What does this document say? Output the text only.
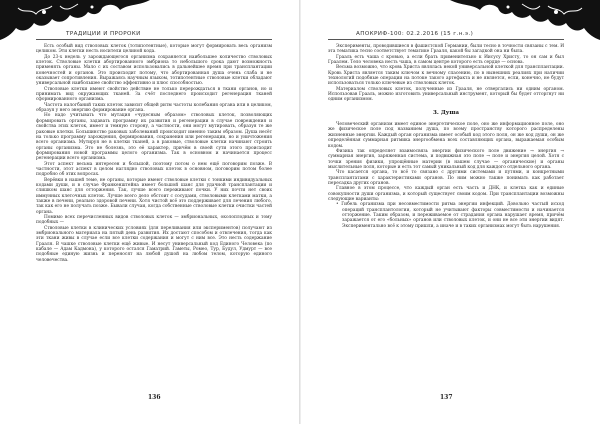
ТРАДИЦИИ И ПРОРОКИ

Есть особый вид стволовых клеток (тотипотентные), которые могут формировать весь организм целиком. Эти клетки несть носители целиной кода.

До 23-х недель у зарождающегося организма сохраняется наибольшее количество стволовых клеток. Стволовые клетки абортированного эмбриона то небольшого срока дают возможность применять органы. Мало с их составом использовались в дальнейшее время при трансплантации конечностей и органов. Это происходит потому, что абортированная душа очень слаба и не оказывает сопротивления. Выражаясь научным языком, тотипотентные стволовые клетки обладают универсальной наибольшее свойство эффективно и плюс способностью.

Стволовые клетки имеют свойство действие не только перерождаться в ткани органов, но и принимать вид окружающих тканей. За счёт последнего происходит регенерация тканей сформированного организма.

Частота налогбаний таких клеток зависит общей ритм частоты колебания органа или в целиком, образуя у него энергию формирование органа.

Но надо учитывать что мутация «чудесным образом» стволовых клеток, позволяющих формировать органы, задавать программу их развития и регенерации в случае повреждения и свойства этих клеток, имеет и темную сторону, а частности, они могут мутировать, образуя те же раковые клетки. Большинство раковых заболеваний происходит именно таким образом. Душа несёт на только программу зарождения, формирования, сохранения или регенерации, но и уничтожения всего организма. Мутируя не в клетки тканей, а в раковые, стволовые клетки начинают строить органы организма. Это не болезнь, это её характер, причём в своей сути этого происходит формирования новой программы целого организма. Так в основном и начинается процесс регенерации всего организма.

Этот аспект весьма интересен и большой, поэтому потом о нем ещё поговорим позже. В частности, этот аспект в целом наглядно стволовых клеток в основном, поговорим потом более подробно об этих вопросах.

Верёвки в нашей теме, не органы, которые имеют стволовые клетки с тонкими индивидуальных кодами души, и в случае Франкенштейна имеет большой шанс для удачной трансплантации и слишком шанс для отторжения. Так, лучше всего переживают почки. У них почти нет своих иммунных клеточных клеток. Лучше всего дело обстоит с сосудами, стволовыми клетками матки, а также в печени, реально здоровой печени. Хотя чистой всё это поддерживает для лечения любого, так как его не получать позже. Бывали случаи, когда собственные стволовые клетки очистки частей органа.

Помимо всех перечисленных видов стволовых клеток — эмбриональных, околоплодных и тому подобных —

Стволовые клетки в клинических условиях (для переливания или экспериментов) получают из эмбрионального материала на пятый день развития. Их достают способом и отвлечения, тогда как эти ткани живы в случае если все клетки содержания и могут с ним все. Это несть содержание Грааля. В чашке стволовые клетки ещё живые. И несут универсальный код Единого Человека (по кабале — Адам Кадмона), у которого остался Гаматрий. Гаметы, Ромео, Тур, Будул, Удмурт — все подобные единую жизнь и переносят на любой душой на любом телом, которую единого человечества.

136
АПОКРИФ-100: 02.2.2016 (15 г.н.э.)

Эксперименты, проводившиеся в фашистской Германии, были тесно в точности связаны с тем. И эта тематика тесно соответствует тематике Грааля, какой бы загадкой она ни была.

Грааль есть чаша с кровью, а если брать применительно к Иисусу Христу, то он сам и был Граалем. Тело человека несть чаша, в самом центре которого есть сердце — основа.

Весьма возможно, что кровь Христа являлась некой универсальной клеткой для трансплантации. Кровь Христа является таким ключом к вечному спасению, по в нынешних реалиях при наличии технологий подобные операции на потоке такого артефакта и не является, если, конечно, не будут использоваться только ключевые из стволовых клеток.

Материалом стволовых клеток, полученные из Грааля, не отвергались ни одним органом. Использовав Грааль, можно изготовить универсальный инструмент, который бы будет отторгнут ни одним организмом.

3. Душа

Человеческий организм имеет единое энергетическое поле, оно же информационное поле, оно же физическое поле под названием душа, по всему пространству которого распределены жизненные энергии. Каждый орган организма имеет особый код этого поля, он же код души, он же определённая суммарная ритмика энергообмена всех составляющих органа, выражаемая особым кодом.

Физика так определяет взаимосвязь энергии физического поле движение → энергия → суммарная энергия, заряженная система, и подвижная это поле → поле и энергия целой. Хотя с точки зрения физики, упрощённые материи (в нашем случае — органические) и органы мыслительные поля, которые и есть тот самый уникальный код для каждого отдельного органа.

Что касается органа, то всё то связано с другими системами и путями, и конкретными трансплантатами с характеристиками органов. По ним можно также понимать как работает пересадка других органов.

Главное в этом процессе, что каждый орган есть часть и ДНК, и клетка как и единые совокупности души организма, и который существует своим кодом. При трансплантации возможны следующие варианты:

• Гибель организма при несовместимости ритма энергии инфекций. Довольно частый исход операций трансплантологии, который не учитывают факторы совместимости и начинается отторжение. Таким образом, и переживаемое от страдания органа нарушает время, причём заражается от его «больных» органов или стволовых клеток, и они не все эти энергии видят. Экспериментально всё к этому пришли, а иначе и в таких организмах могут быть нарушения.

137
